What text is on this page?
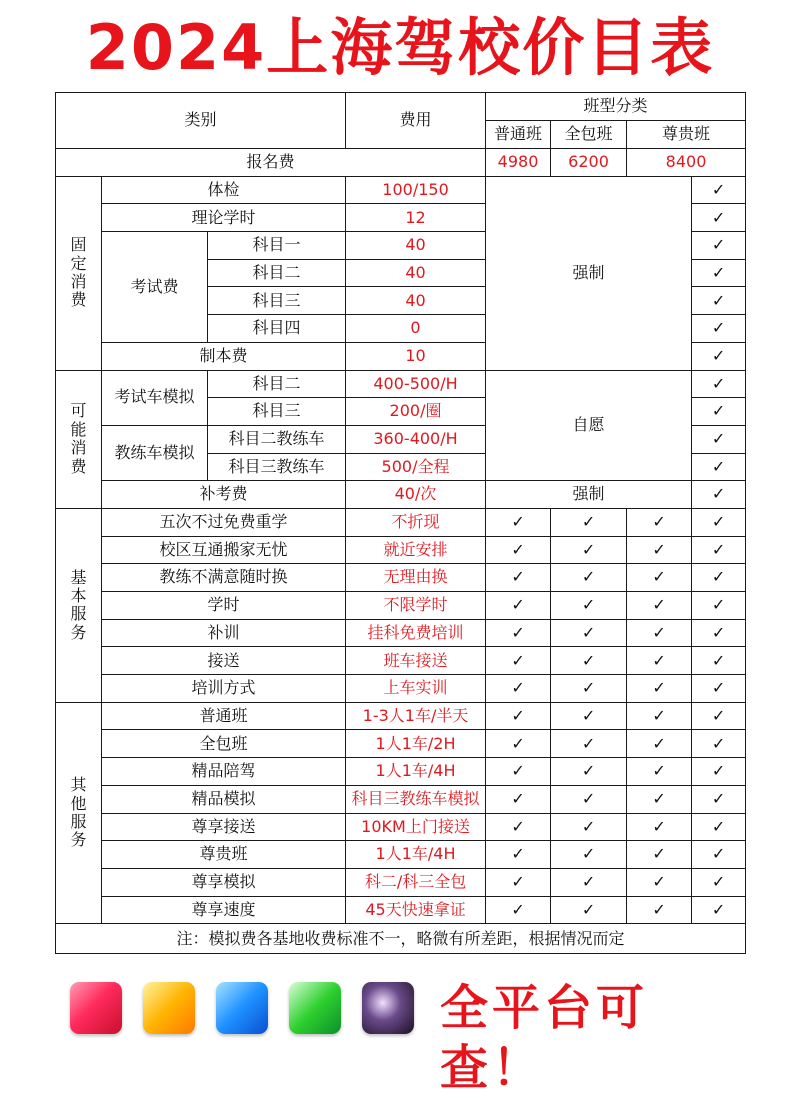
2024上海驾校价目表
类别			费用	班型分类			
				普通班	全包班	尊贵班	
报名费				4980	6200	8400	

固
定
消
费	体检		100/150	强制			✓
	理论学时		12				✓
	考试费	科目一	40				✓
		科目二	40				✓
		科目三	40				✓
		科目四	0				✓
	制本费		10				✓

可
能
消
费	考试车模拟	科目二	400-500/H	自愿			✓
		科目三	200/圈				✓
	教练车模拟	科目二教练车	360-400/H				✓
		科目三教练车	500/全程				✓
	补考费		40/次	强制			✓

基
本
服
务	五次不过免费重学		不折现	✓	✓	✓	✓
	校区互通搬家无忧		就近安排	✓	✓	✓	✓
	教练不满意随时换		无理由换	✓	✓	✓	✓
	学时		不限学时	✓	✓	✓	✓
	补训		挂科免费培训	✓	✓	✓	✓
	接送		班车接送	✓	✓	✓	✓
	培训方式		上车实训	✓	✓	✓	✓

其
他
服
务	普通班		1-3人1车/半天	✓	✓	✓	✓
	全包班		1人1车/2H	✓	✓	✓	✓
	精品陪驾		1人1车/4H	✓	✓	✓	✓
	精品模拟		科目三教练车模拟	✓	✓	✓	✓
	尊享接送		10KM上门接送	✓	✓	✓	✓
	尊贵班		1人1车/4H	✓	✓	✓	✓
	尊享模拟		科二/科三全包	✓	✓	✓	✓
	尊享速度		45天快速拿证	✓	✓	✓	✓
注：模拟费各基地收费标准不一，略微有所差距，根据情况而定							
全平台可查！
